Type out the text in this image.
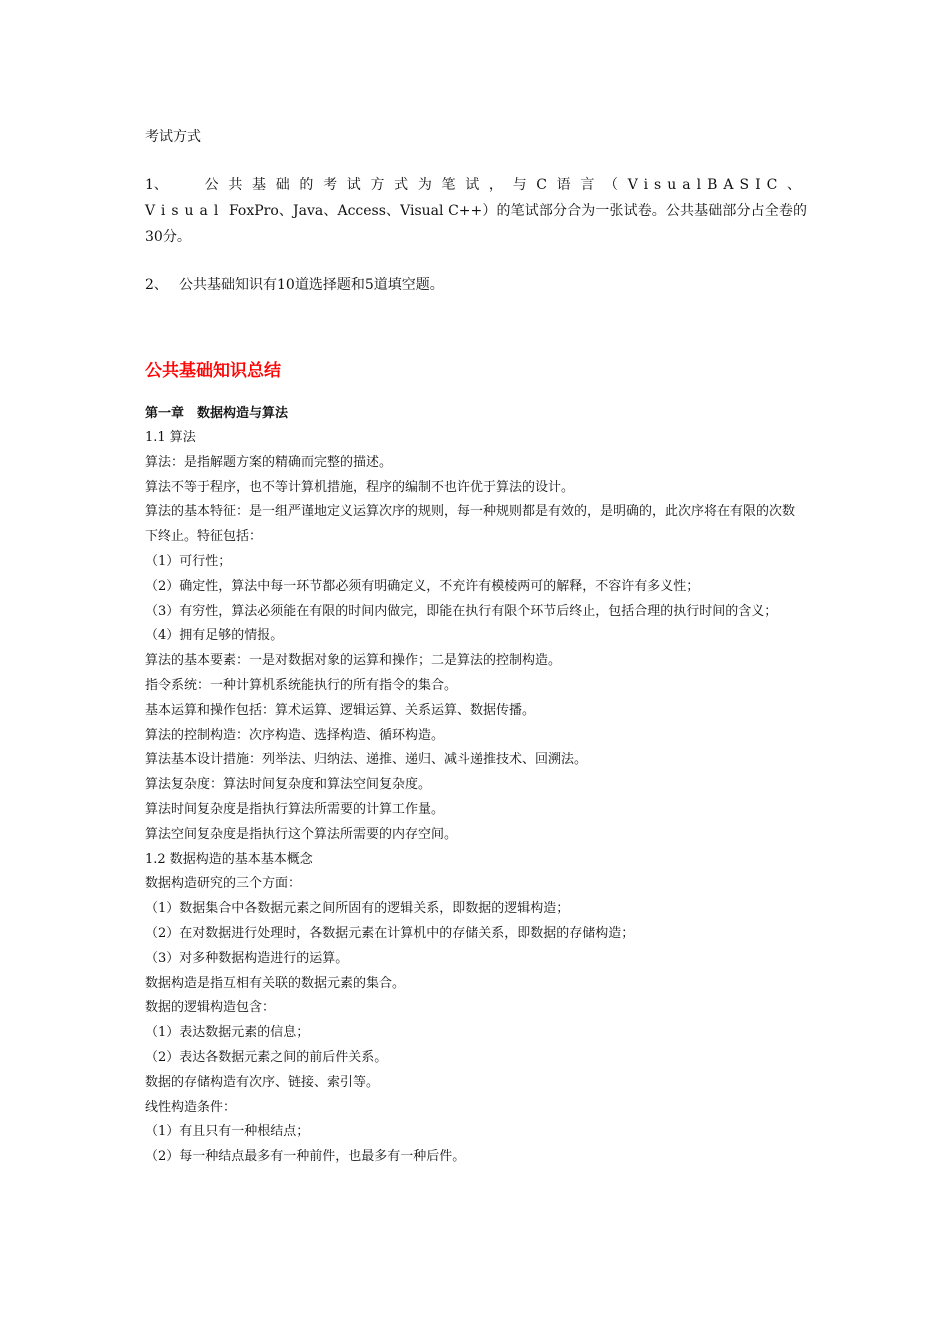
考试方式

1、 公共基础的考试方式为笔试，与C语言（VisualBASIC、Visual FoxPro、Java、Access、Visual C++）的笔试部分合为一张试卷。公共基础部分占全卷的30分。

2、 公共基础知识有10道选择题和5道填空题。

公共基础知识总结
第一章　数据构造与算法
1.1 算法
算法：是指解题方案的精确而完整的描述。
算法不等于程序，也不等计算机措施，程序的编制不也许优于算法的设计。
算法的基本特征：是一组严谨地定义运算次序的规则，每一种规则都是有效的，是明确的，此次序将在有限的次数下终止。特征包括：
（1）可行性；
（2）确定性，算法中每一环节都必须有明确定义，不充许有模棱两可的解释，不容许有多义性；
（3）有穷性，算法必须能在有限的时间内做完，即能在执行有限个环节后终止，包括合理的执行时间的含义；
（4）拥有足够的情报。
算法的基本要素：一是对数据对象的运算和操作；二是算法的控制构造。
指令系统：一种计算机系统能执行的所有指令的集合。
基本运算和操作包括：算术运算、逻辑运算、关系运算、数据传播。
算法的控制构造：次序构造、选择构造、循环构造。
算法基本设计措施：列举法、归纳法、递推、递归、减斗递推技术、回溯法。
算法复杂度：算法时间复杂度和算法空间复杂度。
算法时间复杂度是指执行算法所需要的计算工作量。
算法空间复杂度是指执行这个算法所需要的内存空间。
1.2 数据构造的基本基本概念
数据构造研究的三个方面：
（1）数据集合中各数据元素之间所固有的逻辑关系，即数据的逻辑构造；
（2）在对数据进行处理时，各数据元素在计算机中的存储关系，即数据的存储构造；
（3）对多种数据构造进行的运算。
数据构造是指互相有关联的数据元素的集合。
数据的逻辑构造包含：
（1）表达数据元素的信息；
（2）表达各数据元素之间的前后件关系。
数据的存储构造有次序、链接、索引等。
线性构造条件：
（1）有且只有一种根结点；
（2）每一种结点最多有一种前件，也最多有一种后件。
